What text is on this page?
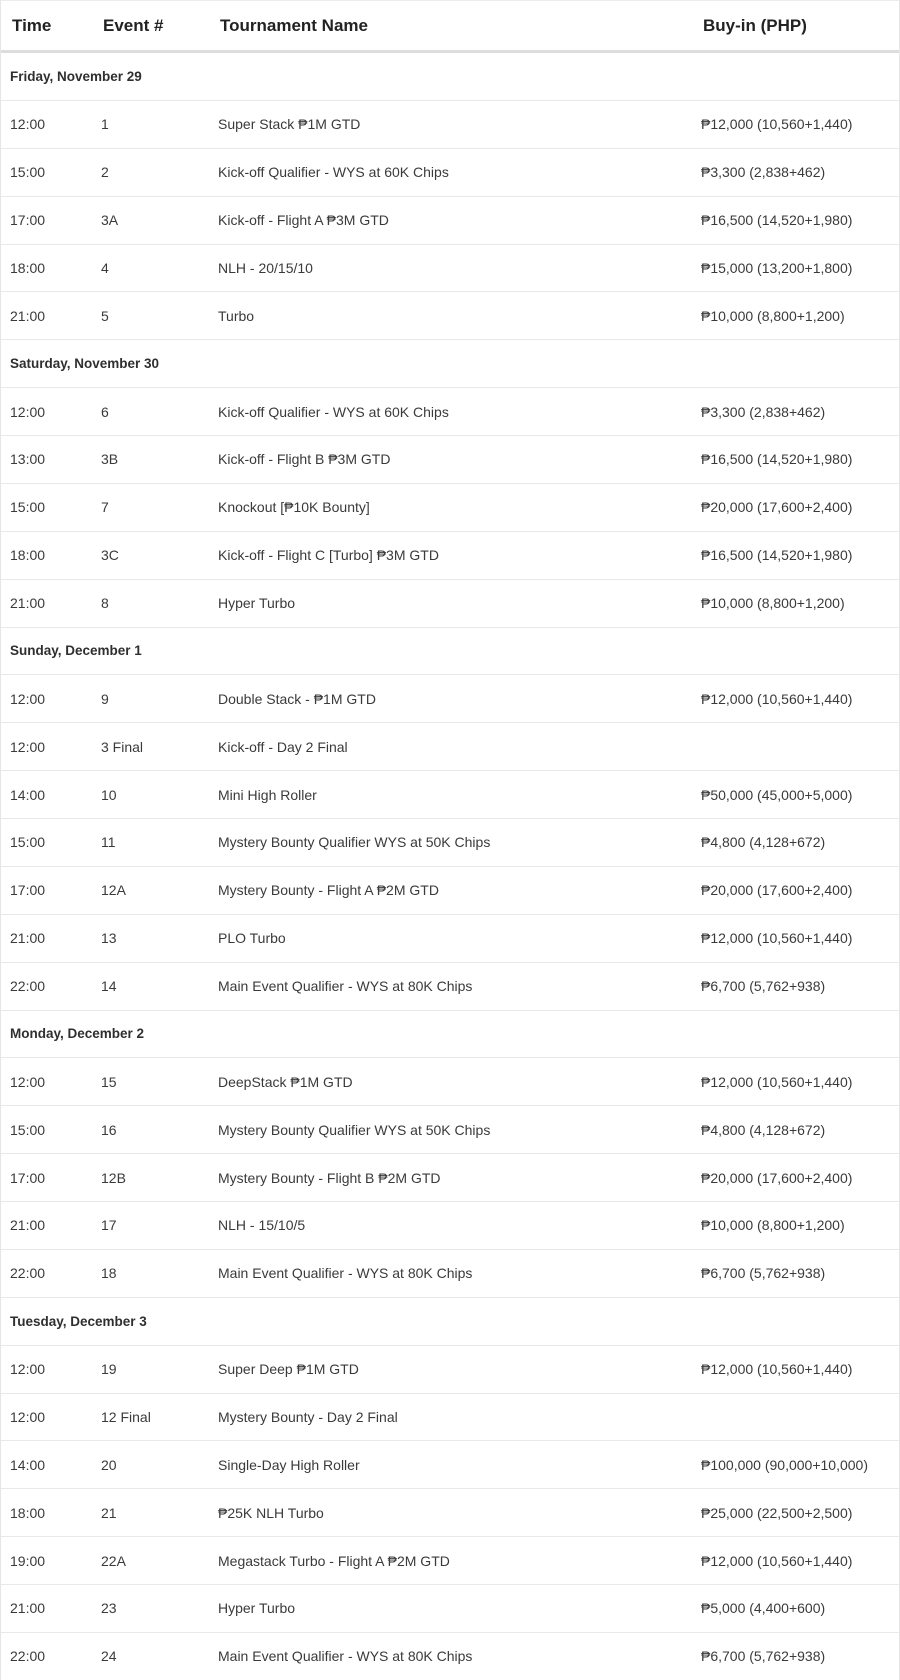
Time	Event #	Tournament Name	Buy-in (PHP)
Friday, November 29
12:00	1	Super Stack ₱1M GTD	₱12,000 (10,560+1,440)
15:00	2	Kick-off Qualifier - WYS at 60K Chips	₱3,300 (2,838+462)
17:00	3A	Kick-off - Flight A ₱3M GTD	₱16,500 (14,520+1,980)
18:00	4	NLH - 20/15/10	₱15,000 (13,200+1,800)
21:00	5	Turbo	₱10,000 (8,800+1,200)
Saturday, November 30
12:00	6	Kick-off Qualifier - WYS at 60K Chips	₱3,300 (2,838+462)
13:00	3B	Kick-off - Flight B ₱3M GTD	₱16,500 (14,520+1,980)
15:00	7	Knockout [₱10K Bounty]	₱20,000 (17,600+2,400)
18:00	3C	Kick-off - Flight C [Turbo] ₱3M GTD	₱16,500 (14,520+1,980)
21:00	8	Hyper Turbo	₱10,000 (8,800+1,200)
Sunday, December 1
12:00	9	Double Stack - ₱1M GTD	₱12,000 (10,560+1,440)
12:00	3 Final	Kick-off - Day 2 Final
14:00	10	Mini High Roller	₱50,000 (45,000+5,000)
15:00	11	Mystery Bounty Qualifier WYS at 50K Chips	₱4,800 (4,128+672)
17:00	12A	Mystery Bounty - Flight A ₱2M GTD	₱20,000 (17,600+2,400)
21:00	13	PLO Turbo	₱12,000 (10,560+1,440)
22:00	14	Main Event Qualifier - WYS at 80K Chips	₱6,700 (5,762+938)
Monday, December 2
12:00	15	DeepStack ₱1M GTD	₱12,000 (10,560+1,440)
15:00	16	Mystery Bounty Qualifier WYS at 50K Chips	₱4,800 (4,128+672)
17:00	12B	Mystery Bounty - Flight B ₱2M GTD	₱20,000 (17,600+2,400)
21:00	17	NLH - 15/10/5	₱10,000 (8,800+1,200)
22:00	18	Main Event Qualifier - WYS at 80K Chips	₱6,700 (5,762+938)
Tuesday, December 3
12:00	19	Super Deep ₱1M GTD	₱12,000 (10,560+1,440)
12:00	12 Final	Mystery Bounty - Day 2 Final
14:00	20	Single-Day High Roller	₱100,000 (90,000+10,000)
18:00	21	₱25K NLH Turbo	₱25,000 (22,500+2,500)
19:00	22A	Megastack Turbo - Flight A ₱2M GTD	₱12,000 (10,560+1,440)
21:00	23	Hyper Turbo	₱5,000 (4,400+600)
22:00	24	Main Event Qualifier - WYS at 80K Chips	₱6,700 (5,762+938)
